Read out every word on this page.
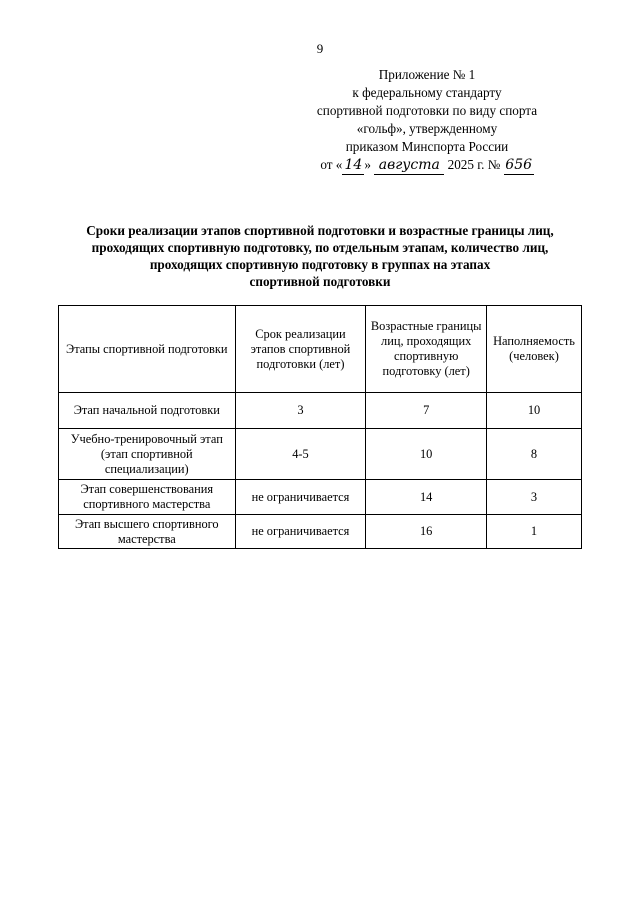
9
Приложение № 1
к федеральному стандарту
спортивной подготовки по виду спорта
«гольф», утвержденному
приказом Минспорта России
от « 14 » августа 2025 г. № 656
Сроки реализации этапов спортивной подготовки и возрастные границы лиц,
проходящих спортивную подготовку, по отдельным этапам, количество лиц,
проходящих спортивную подготовку в группах на этапах
спортивной подготовки
Этапы спортивной подготовки	Срок реализации этапов спортивной подготовки (лет)	Возрастные границы лиц, проходящих спортивную подготовку (лет)	Наполняемость (человек)
Этап начальной подготовки	3	7	10
Учебно-тренировочный этап (этап спортивной специализации)	4-5	10	8
Этап совершенствования спортивного мастерства	не ограничивается	14	3
Этап высшего спортивного мастерства	не ограничивается	16	1
